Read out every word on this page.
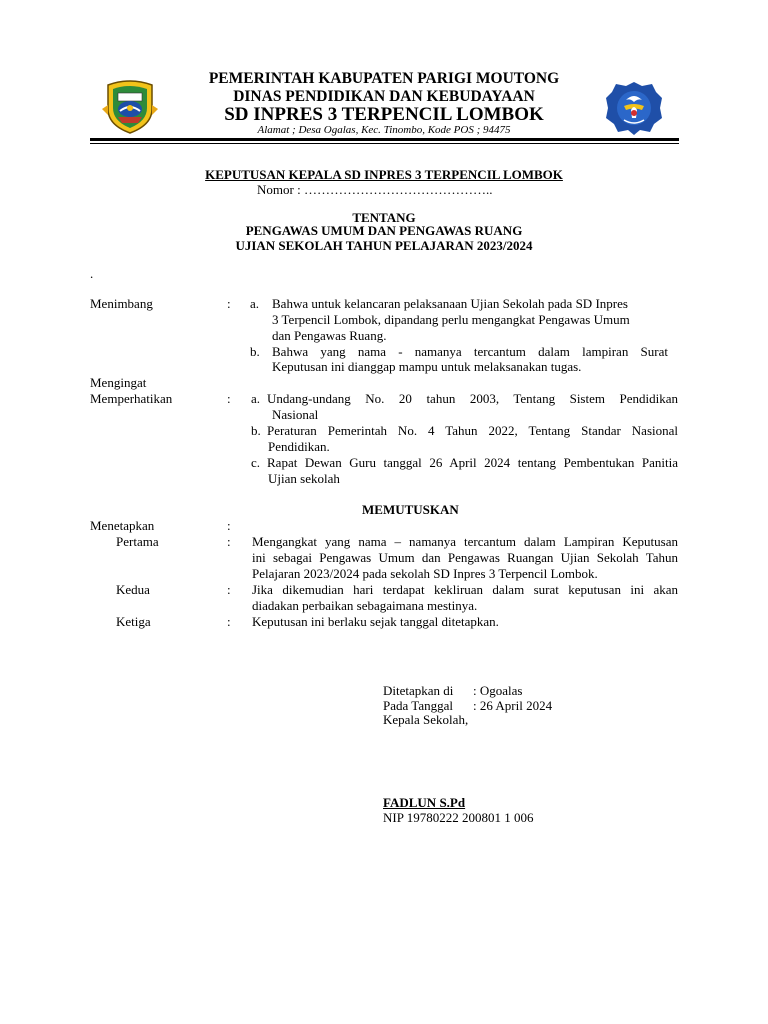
PEMERINTAH KABUPATEN PARIGI MOUTONG
DINAS PENDIDIKAN DAN KEBUDAYAAN
SD INPRES 3 TERPENCIL LOMBOK
Alamat ; Desa Ogalas, Kec. Tinombo, Kode POS ; 94475
KEPUTUSAN KEPALA SD INPRES 3 TERPENCIL LOMBOK
Nomor : ……………………………………..
TENTANG
PENGAWAS UMUM DAN PENGAWAS RUANG
UJIAN SEKOLAH TAHUN PELAJARAN 2023/2024
.
Menimbang	: a. Bahwa untuk kelancaran pelaksanaan Ujian Sekolah pada SD Inpres
3 Terpencil Lombok, dipandang perlu mengangkat Pengawas Umum
dan Pengawas Ruang.
b. Bahwa yang nama - namanya tercantum dalam lampiran Surat
Keputusan ini dianggap mampu untuk melaksanakan tugas.
Mengingat
Memperhatikan	: a. Undang-undang No. 20 tahun 2003, Tentang Sistem Pendidikan
Nasional
b. Peraturan Pemerintah No. 4 Tahun 2022, Tentang Standar Nasional
Pendidikan.
c. Rapat Dewan Guru tanggal 26 April 2024 tentang Pembentukan Panitia
Ujian sekolah
MEMUTUSKAN
Menetapkan	:
Pertama	: Mengangkat yang nama – namanya tercantum dalam Lampiran Keputusan
ini sebagai Pengawas Umum dan Pengawas Ruangan Ujian Sekolah Tahun
Pelajaran 2023/2024 pada sekolah SD Inpres 3 Terpencil Lombok.
Kedua	: Jika dikemudian hari terdapat kekliruan dalam surat keputusan ini akan
diadakan perbaikan sebagaimana mestinya.
Ketiga	: Keputusan ini berlaku sejak tanggal ditetapkan.
Ditetapkan di : Ogoalas
Pada Tanggal : 26 April 2024
Kepala Sekolah,
FADLUN S.Pd
NIP 19780222 200801 1 006
